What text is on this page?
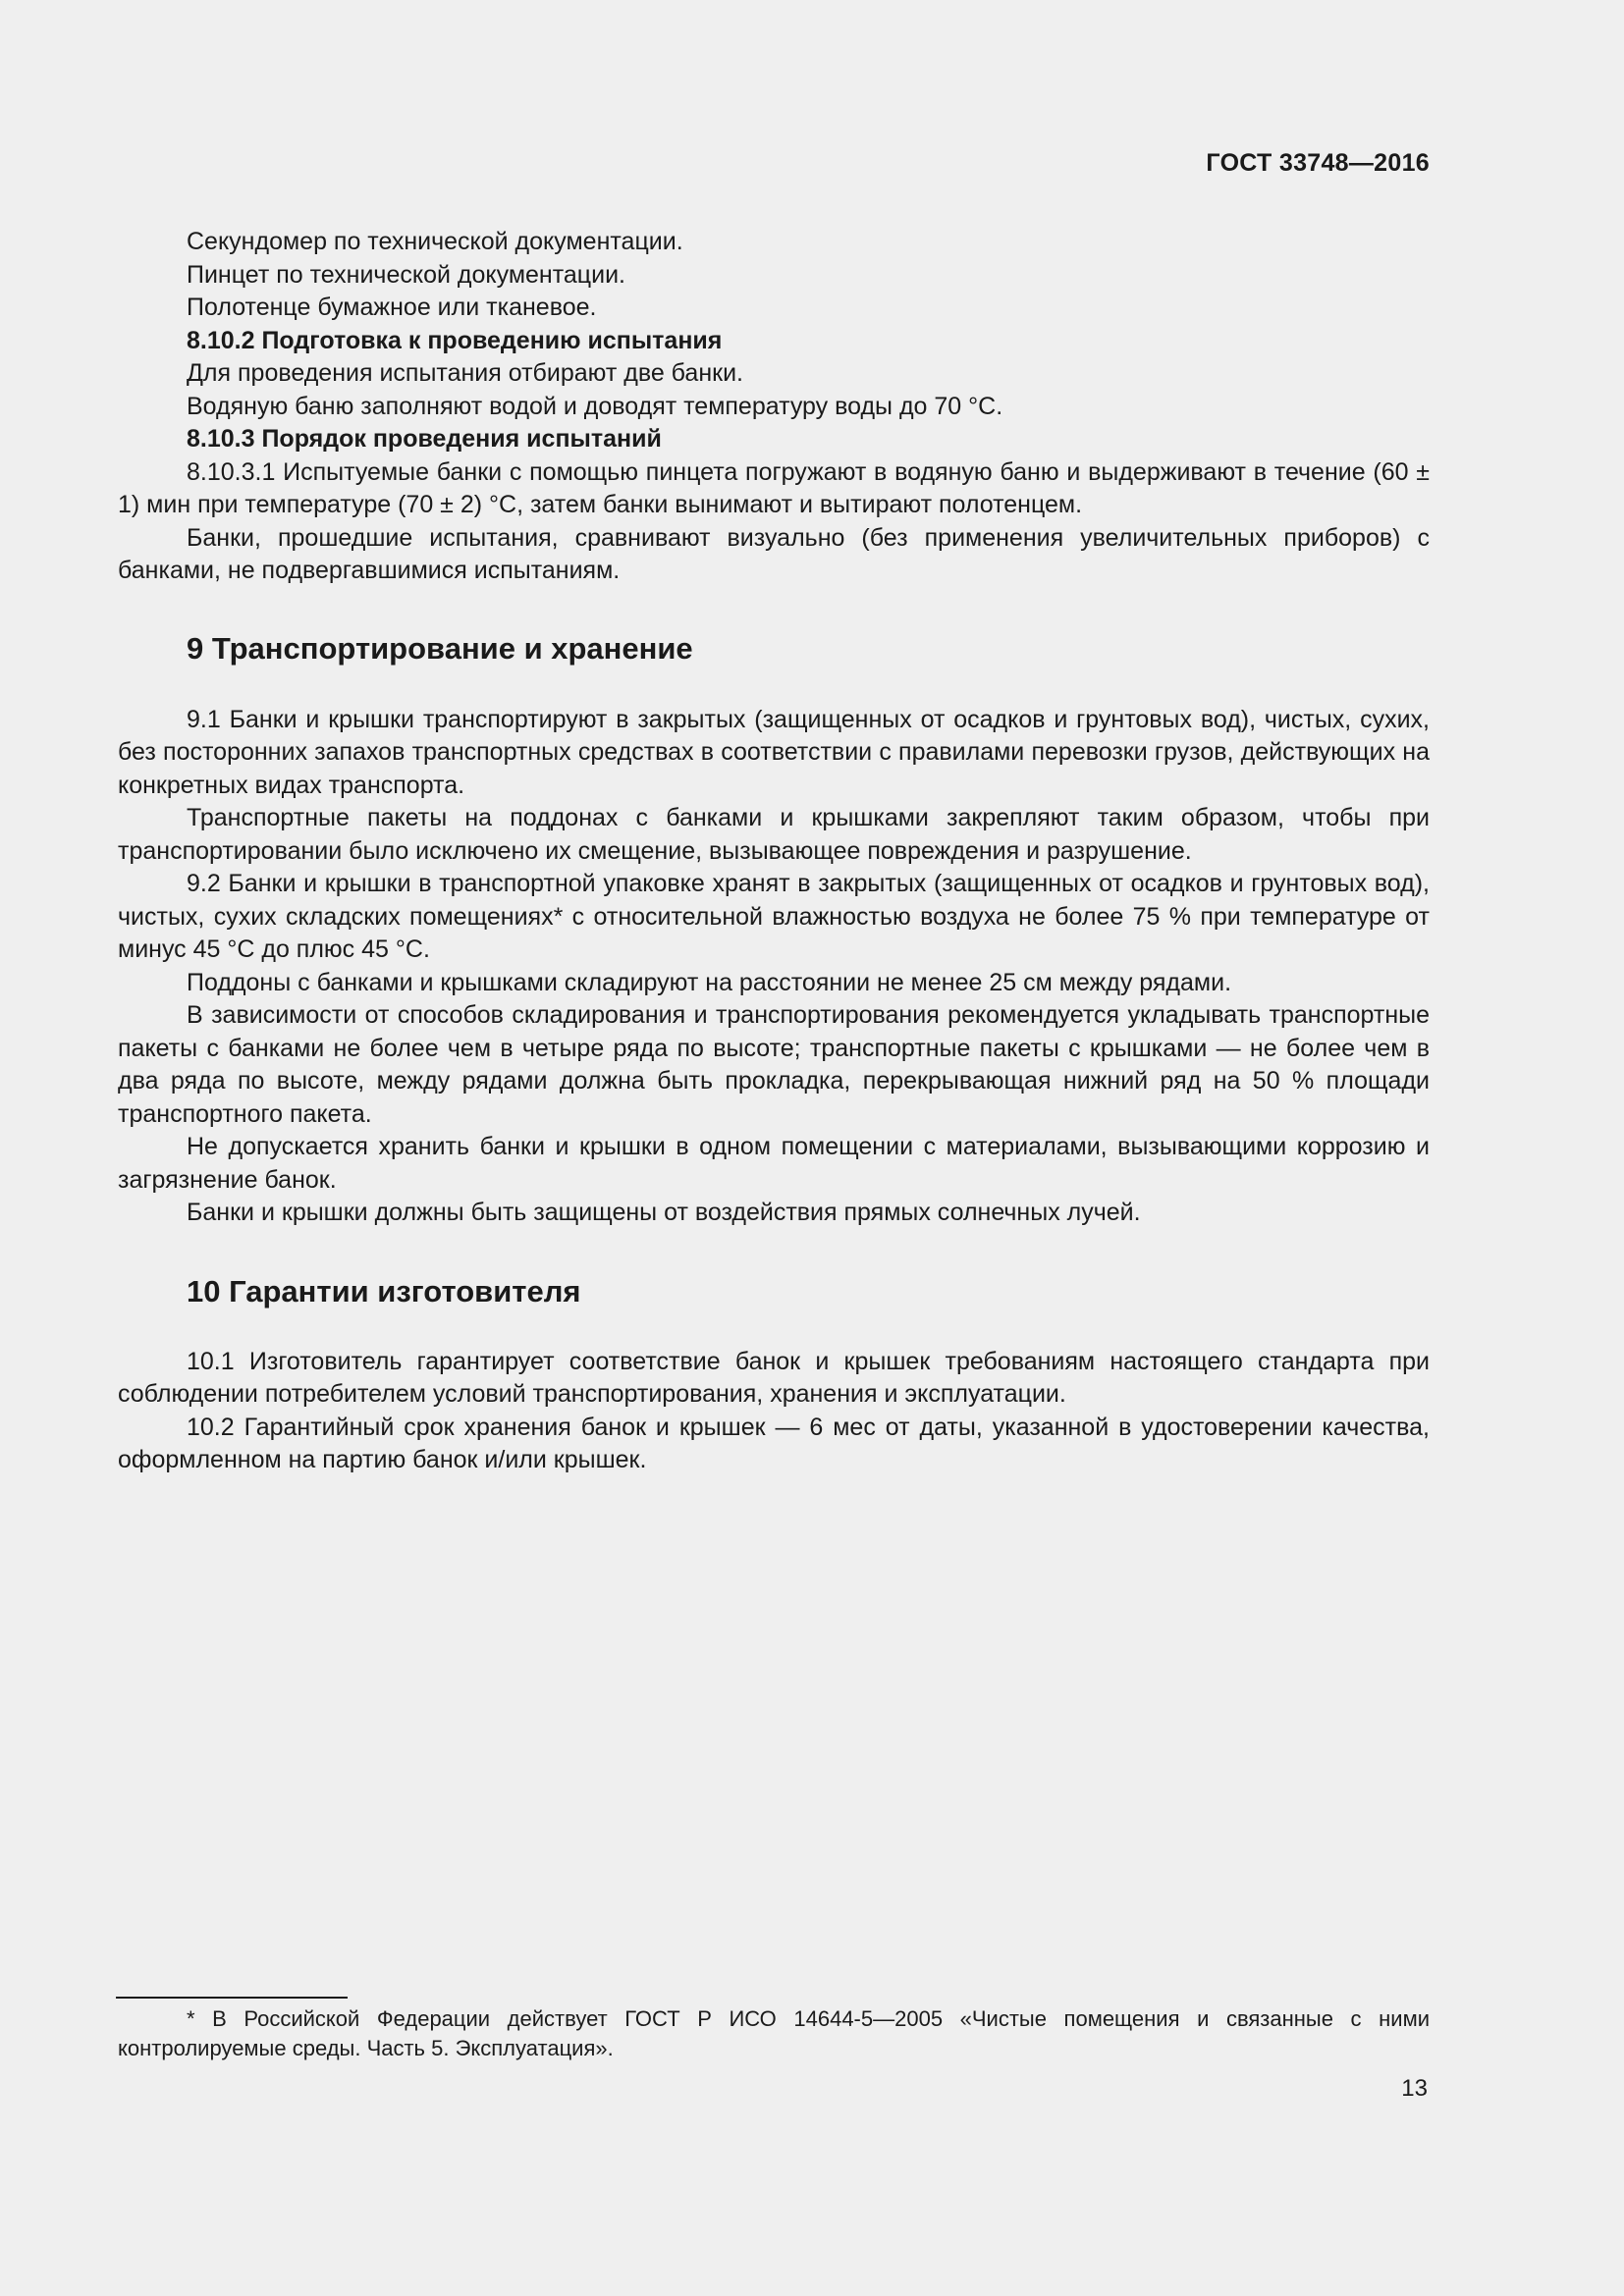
ГОСТ 33748—2016

Секундомер по технической документации.

Пинцет по технической документации.

Полотенце бумажное или тканевое.

8.10.2 Подготовка к проведению испытания

Для проведения испытания отбирают две банки.

Водяную баню заполняют водой и доводят температуру воды до 70 °С.

8.10.3 Порядок проведения испытаний

8.10.3.1 Испытуемые банки с помощью пинцета погружают в водяную баню и выдерживают в течение (60 ± 1) мин при температуре (70 ± 2) °С, затем банки вынимают и вытирают полотенцем.

Банки, прошедшие испытания, сравнивают визуально (без применения увеличительных приборов) с банками, не подвергавшимися испытаниям.

9 Транспортирование и хранение

9.1 Банки и крышки транспортируют в закрытых (защищенных от осадков и грунтовых вод), чистых, сухих, без посторонних запахов транспортных средствах в соответствии с правилами перевозки грузов, действующих на конкретных видах транспорта.

Транспортные пакеты на поддонах с банками и крышками закрепляют таким образом, чтобы при транспортировании было исключено их смещение, вызывающее повреждения и разрушение.

9.2 Банки и крышки в транспортной упаковке хранят в закрытых (защищенных от осадков и грунтовых вод), чистых, сухих складских помещениях* с относительной влажностью воздуха не более 75 % при температуре от минус 45 °С до плюс 45 °С.

Поддоны с банками и крышками складируют на расстоянии не менее 25 см между рядами.

В зависимости от способов складирования и транспортирования рекомендуется укладывать транспортные пакеты с банками не более чем в четыре ряда по высоте; транспортные пакеты с крышками — не более чем в два ряда по высоте, между рядами должна быть прокладка, перекрывающая нижний ряд на 50 % площади транспортного пакета.

Не допускается хранить банки и крышки в одном помещении с материалами, вызывающими коррозию и загрязнение банок.

Банки и крышки должны быть защищены от воздействия прямых солнечных лучей.

10 Гарантии изготовителя

10.1 Изготовитель гарантирует соответствие банок и крышек требованиям настоящего стандарта при соблюдении потребителем условий транспортирования, хранения и эксплуатации.

10.2 Гарантийный срок хранения банок и крышек — 6 мес от даты, указанной в удостоверении качества, оформленном на партию банок и/или крышек.

* В Российской Федерации действует ГОСТ Р ИСО 14644-5—2005 «Чистые помещения и связанные с ними контролируемые среды. Часть 5. Эксплуатация».

13
